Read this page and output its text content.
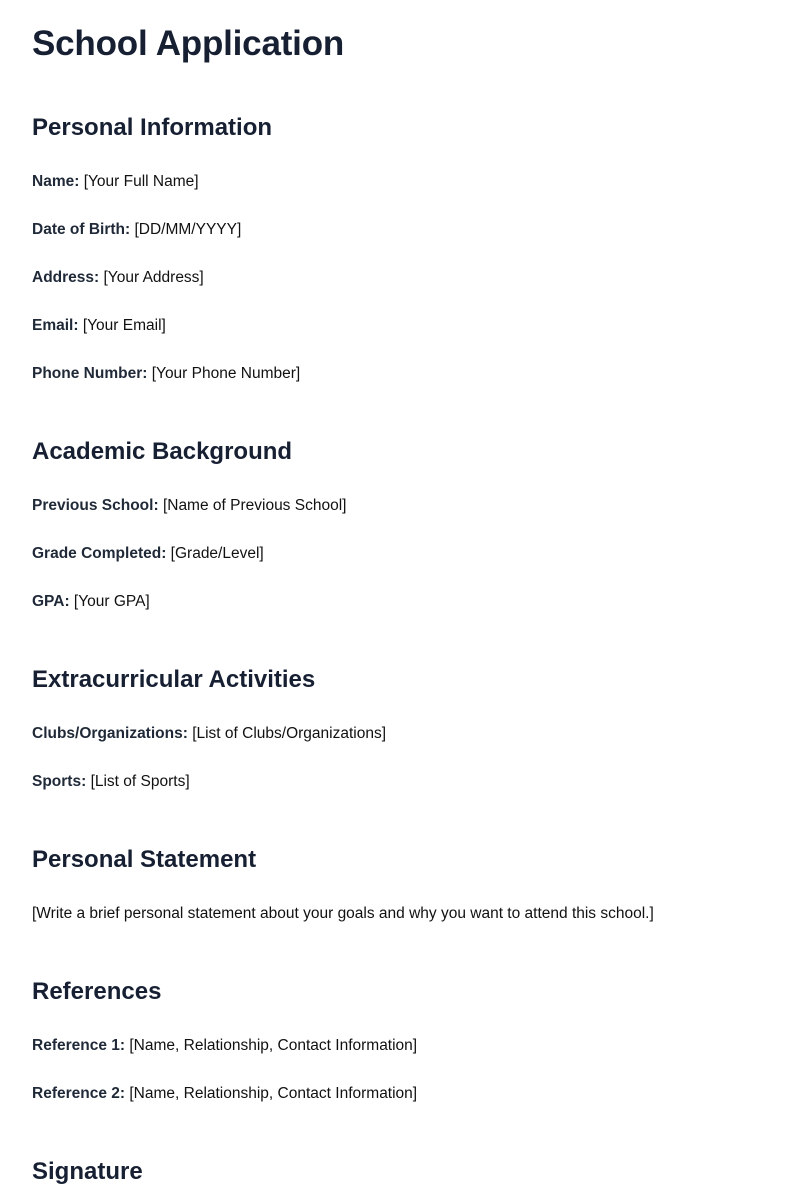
School Application
Personal Information

Name: [Your Full Name]

Date of Birth: [DD/MM/YYYY]

Address: [Your Address]

Email: [Your Email]

Phone Number: [Your Phone Number]

Academic Background

Previous School: [Name of Previous School]

Grade Completed: [Grade/Level]

GPA: [Your GPA]

Extracurricular Activities

Clubs/Organizations: [List of Clubs/Organizations]

Sports: [List of Sports]

Personal Statement

[Write a brief personal statement about your goals and why you want to attend this school.]

References

Reference 1: [Name, Relationship, Contact Information]

Reference 2: [Name, Relationship, Contact Information]

Signature
